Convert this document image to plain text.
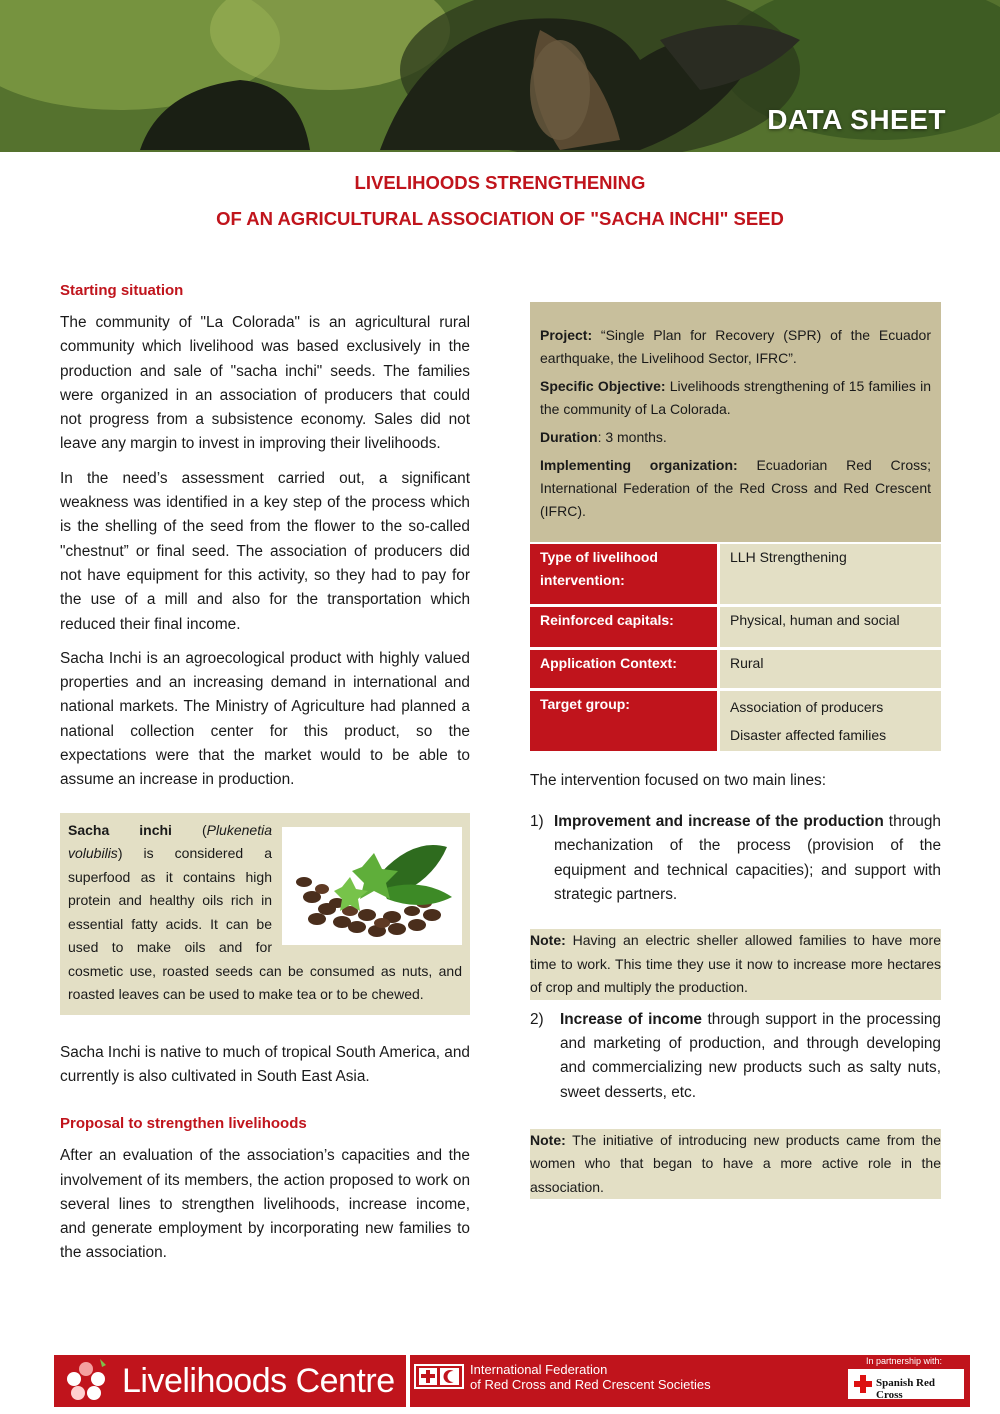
DATA SHEET
LIVELIHOODS STRENGTHENING
OF AN AGRICULTURAL ASSOCIATION OF "SACHA INCHI" SEED
Starting situation

The community of "La Colorada" is an agricultural rural community which livelihood was based exclusively in the production and sale of "sacha inchi" seeds. The families were organized in an association of producers that could not progress from a subsistence economy. Sales did not leave any margin to invest in improving their livelihoods.

In the need’s assessment carried out, a significant weakness was identified in a key step of the process which is the shelling of the seed from the flower to the so-called "chestnut” or final seed. The association of producers did not have equipment for this activity, so they had to pay for the use of a mill and also for the transportation which reduced their final income.

Sacha Inchi is an agroecological product with highly valued properties and an increasing demand in international and national markets. The Ministry of Agriculture had planned a national collection center for this product, so the expectations were that the market would to be able to assume an increase in production.

Sacha inchi (Plukenetia volubilis) is considered a superfood as it contains high protein and healthy oils rich in essential fatty acids. It can be used to make oils and for cosmetic use, roasted seeds can be consumed as nuts, and roasted leaves can be used to make tea or to be chewed.

Sacha Inchi is native to much of tropical South America, and currently is also cultivated in South East Asia.

Proposal to strengthen livelihoods

After an evaluation of the association’s capacities and the involvement of its members, the action proposed to work on several lines to strengthen livelihoods, increase income, and generate employment by incorporating new families to the association.

Project: “Single Plan for Recovery (SPR) of the Ecuador earthquake, the Livelihood Sector, IFRC”.

Specific Objective: Livelihoods strengthening of 15 families in the community of La Colorada.

Duration: 3 months.

Implementing organization: Ecuadorian Red Cross; International Federation of the Red Cross and Red Crescent (IFRC).

Type of livelihood intervention:	LLH Strengthening
Reinforced capitals:	Physical, human and social
Application Context:	Rural
Target group:	Association of producers
Disaster affected families
The intervention focused on two main lines:
1) Improvement and increase of the production through mechanization of the process (provision of the equipment and technical capacities); and support with strategic partners.
Note: Having an electric sheller allowed families to have more time to work. This time they use it now to increase more hectares of crop and multiply the production.
2)	Increase of income through support in the processing and marketing of production, and through developing and commercializing new products such as salty nuts, sweet desserts, etc.
Note: The initiative of introducing new products came from the women who that began to have a more active role in the association.
Livelihoods Centre	International Federation
of Red Cross and Red Crescent Societies
In partnership with:
Spanish Red Cross
